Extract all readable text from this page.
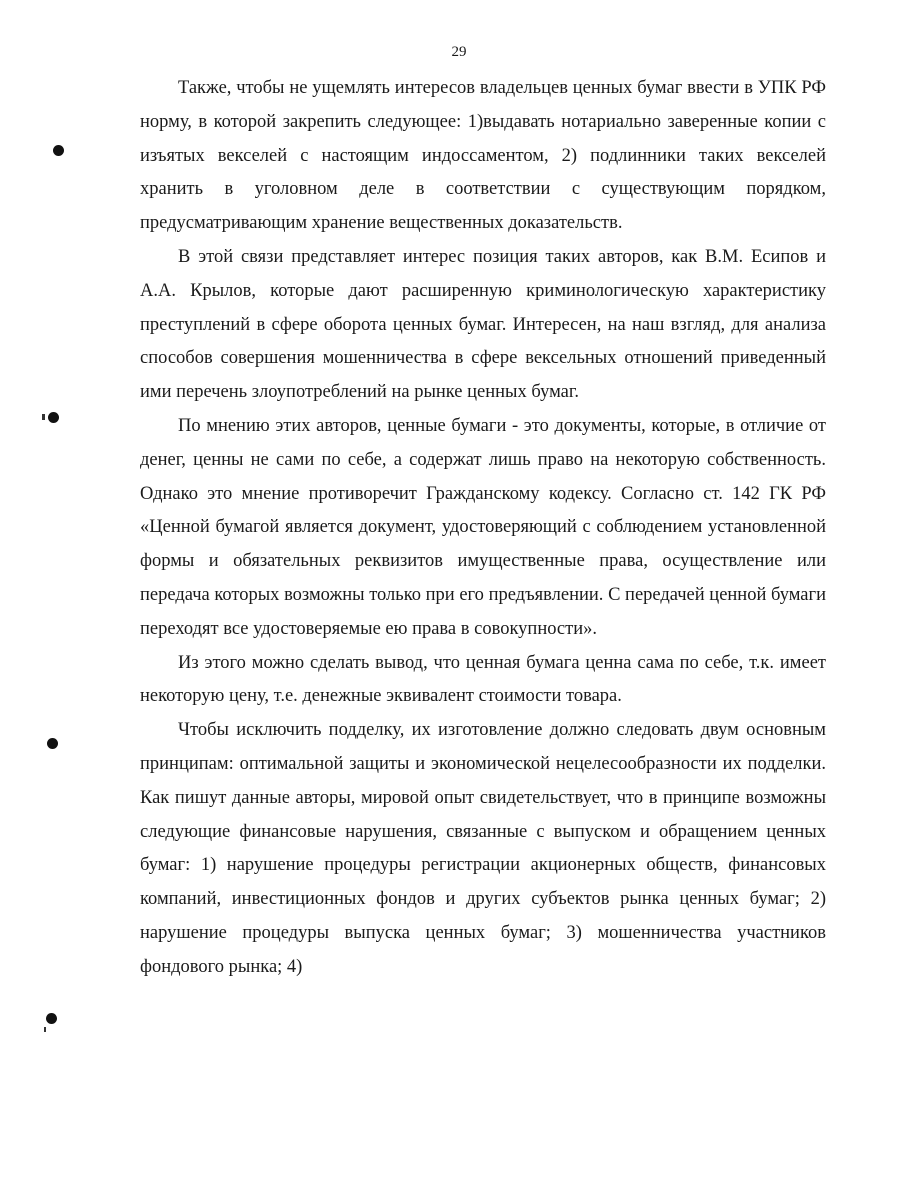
29

Также, чтобы не ущемлять интересов владельцев ценных бумаг ввести в УПК РФ норму, в которой закрепить следующее: 1)выдавать нотариально заверенные копии с изъятых векселей с настоящим индоссаментом, 2) подлинники таких векселей хранить в уголовном деле в соответствии с существующим порядком, предусматривающим хранение вещественных доказательств.

В этой связи представляет интерес позиция таких авторов, как В.М. Есипов и А.А. Крылов, которые дают расширенную криминологическую характеристику преступлений в сфере оборота ценных бумаг. Интересен, на наш взгляд, для анализа способов совершения мошенничества в сфере вексельных отношений приведенный ими перечень злоупотреблений на рынке ценных бумаг.

По мнению этих авторов, ценные бумаги - это документы, которые, в отличие от денег, ценны не сами по себе, а содержат лишь право на некоторую собственность. Однако это мнение противоречит Гражданскому кодексу. Согласно ст. 142 ГК РФ «Ценной бумагой является документ, удостоверяющий с соблюдением установленной формы и обязательных реквизитов имущественные права, осуществление или передача которых возможны только при его предъявлении. С передачей ценной бумаги переходят все удостоверяемые ею права в совокупности».

Из этого можно сделать вывод, что ценная бумага ценна сама по себе, т.к. имеет некоторую цену, т.е. денежные эквивалент стоимости товара.

Чтобы исключить подделку, их изготовление должно следовать двум основным принципам: оптимальной защиты и экономической нецелесообразности их подделки. Как пишут данные авторы, мировой опыт свидетельствует, что в принципе возможны следующие финансовые нарушения, связанные с выпуском и обращением ценных бумаг: 1) нарушение процедуры регистрации акционерных обществ, финансовых компаний, инвестиционных фондов и других субъектов рынка ценных бумаг; 2) нарушение процедуры выпуска ценных бумаг; 3) мошенничества участников фондового рынка; 4)
